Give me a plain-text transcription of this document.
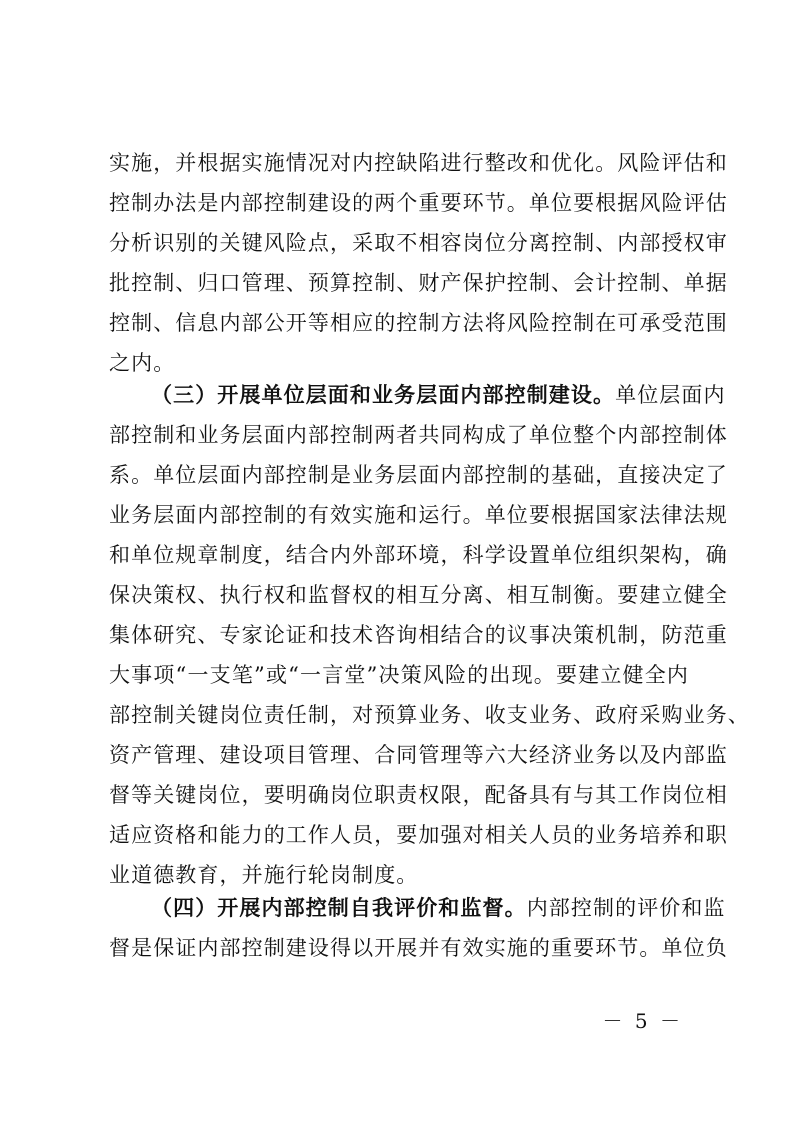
实施，并根据实施情况对内控缺陷进行整改和优化。风险评估和
控制办法是内部控制建设的两个重要环节。单位要根据风险评估
分析识别的关键风险点，采取不相容岗位分离控制、内部授权审
批控制、归口管理、预算控制、财产保护控制、会计控制、单据
控制、信息内部公开等相应的控制方法将风险控制在可承受范围
之内。
（三）开展单位层面和业务层面内部控制建设。单位层面内
部控制和业务层面内部控制两者共同构成了单位整个内部控制体
系。单位层面内部控制是业务层面内部控制的基础，直接决定了
业务层面内部控制的有效实施和运行。单位要根据国家法律法规
和单位规章制度，结合内外部环境，科学设置单位组织架构，确
保决策权、执行权和监督权的相互分离、相互制衡。要建立健全
集体研究、专家论证和技术咨询相结合的议事决策机制，防范重
大事项“一支笔”或“一言堂”决策风险的出现。要建立健全内
部控制关键岗位责任制，对预算业务、收支业务、政府采购业务、
资产管理、建设项目管理、合同管理等六大经济业务以及内部监
督等关键岗位，要明确岗位职责权限，配备具有与其工作岗位相
适应资格和能力的工作人员，要加强对相关人员的业务培养和职
业道德教育，并施行轮岗制度。
（四）开展内部控制自我评价和监督。内部控制的评价和监
督是保证内部控制建设得以开展并有效实施的重要环节。单位负
－ 5 －
